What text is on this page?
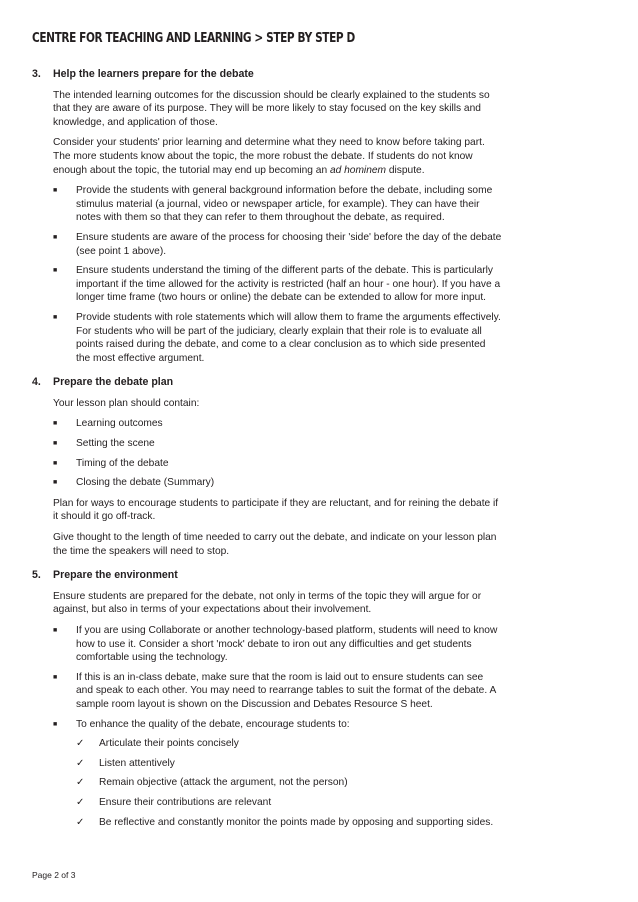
CENTRE FOR TEACHING AND LEARNING > STEP BY STEP D
3.	Help the learners prepare for the debate

The intended learning outcomes for the discussion should be clearly explained to the students so that they are aware of its purpose. They will be more likely to stay focused on the key skills and knowledge, and application of those.

Consider your students' prior learning and determine what they need to know before taking part. The more students know about the topic, the more robust the debate. If students do not know enough about the topic, the tutorial may end up becoming an ad hominem dispute.

■	Provide the students with general background information before the debate, including some stimulus material (a journal, video or newspaper article, for example). They can have their notes with them so that they can refer to them throughout the debate, as required.
■	Ensure students are aware of the process for choosing their 'side' before the day of the debate (see point 1 above).
■	Ensure students understand the timing of the different parts of the debate. This is particularly important if the time allowed for the activity is restricted (half an hour - one hour). If you have a longer time frame (two hours or online) the debate can be extended to allow for more input.
■	Provide students with role statements which will allow them to frame the arguments effectively. For students who will be part of the judiciary, clearly explain that their role is to evaluate all points raised during the debate, and come to a clear conclusion as to which side presented the most effective argument.
4.	Prepare the debate plan

Your lesson plan should contain:

■	Learning outcomes
■	Setting the scene
■	Timing of the debate
■	Closing the debate (Summary)

Plan for ways to encourage students to participate if they are reluctant, and for reining the debate if it should it go off-track.

Give thought to the length of time needed to carry out the debate, and indicate on your lesson plan the time the speakers will need to stop.

5.	Prepare the environment

Ensure students are prepared for the debate, not only in terms of the topic they will argue for or against, but also in terms of your expectations about their involvement.

■	If you are using Collaborate or another technology-based platform, students will need to know how to use it. Consider a short 'mock' debate to iron out any difficulties and get students comfortable using the technology.
■	If this is an in-class debate, make sure that the room is laid out to ensure students can see and speak to each other. You may need to rearrange tables to suit the format of the debate. A sample room layout is shown on the Discussion and Debates Resource S heet.
■	To enhance the quality of the debate, encourage students to:
✓	Articulate their points concisely
✓	Listen attentively
✓	Remain objective (attack the argument, not the person)
✓	Ensure their contributions are relevant
✓	Be reflective and constantly monitor the points made by opposing and supporting sides.
Page 2 of 3
